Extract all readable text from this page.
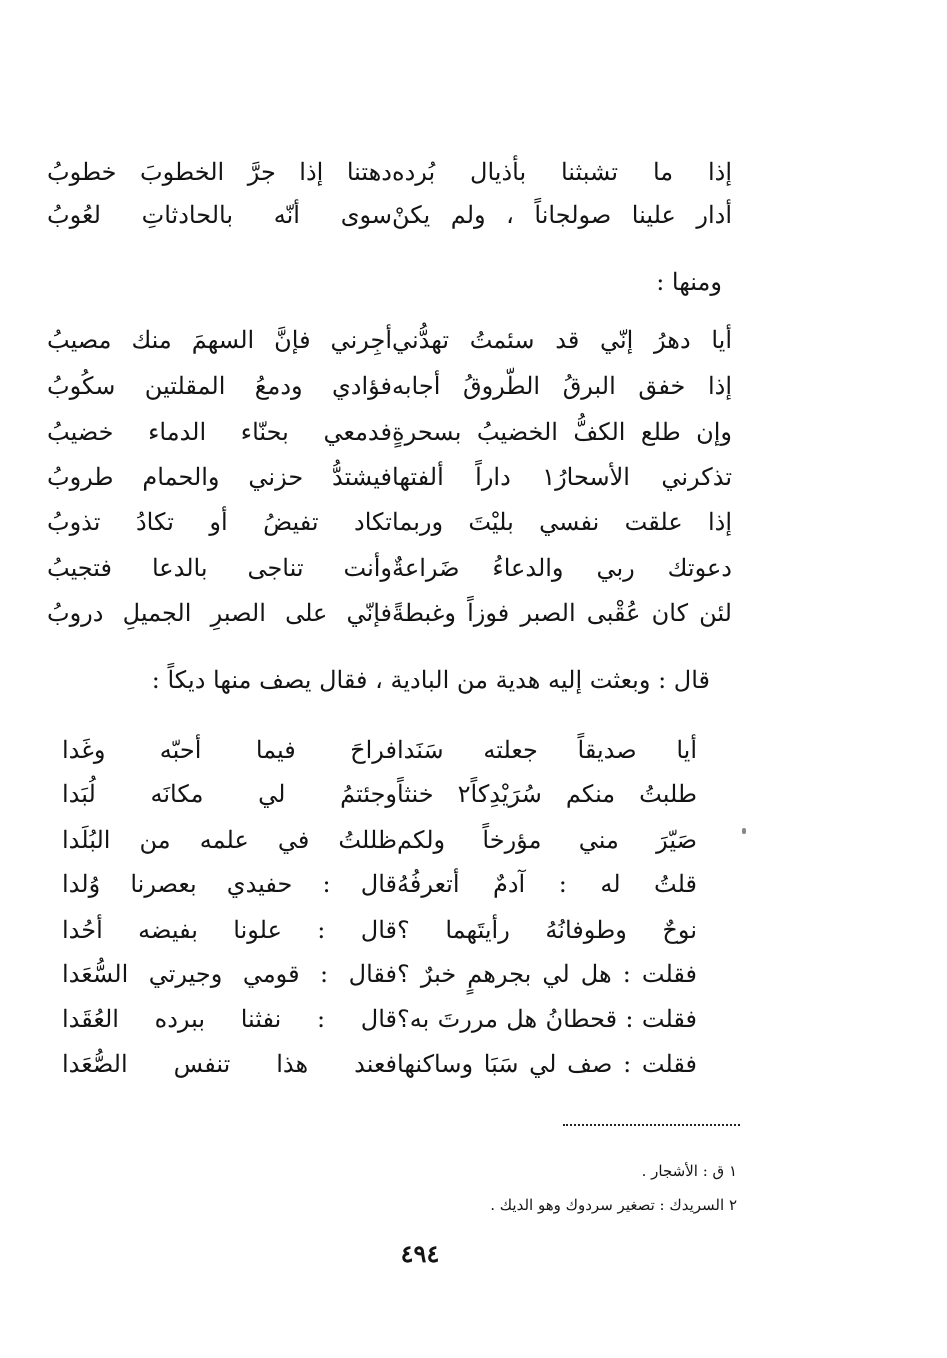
إذا ما تشبثنا بأذيال بُرده
دهتنا إذا جرَّ الخطوبَ خطوبُ
أدار علينا صولجاناً ، ولم يكنْ
سوى أنّه بالحادثاتِ لعُوبُ
ومنها :
أيا دهرُ إنّي قد سئمتُ تهدُّني
أجِرني فإنَّ السهمَ منك مصيبُ
إذا خفق البرقُ الطّروقُ أجابه
فؤادي ودمعُ المقلتين سكُوبُ
وإن طلع الكفُّ الخضيبُ بسحرةٍ
فدمعي بحنّاء الدماء خضيبُ
تذكرني الأسحارُ١ داراً ألفتها
فيشتدُّ حزني والحمام طروبُ
إذا علقت نفسي بليْتَ وربما
تكاد تفيضُ أو تكادُ تذوبُ
دعوتك ربي والدعاءُ ضَراعةٌ
وأنت تناجى بالدعا فتجيبُ
لئن كان عُقْبى الصبر فوزاً وغبطةً
فإنّي على الصبرِ الجميلِ دروبُ
قال : وبعثت إليه هدية من البادية ، فقال يصف منها ديكاً :
أيا صديقاً جعلته سَنَدا
فراحَ فيما أحبّه وغَدا
طلبتُ منكم سُرَيْدِكاً٢ خنثاً
وجئتمُ لي مكانَه لُبَدا
صَيّرَ مني مؤرخاً ولكم
ظللتُ في علمه من البُلَدا
قلتُ له : آدمٌ أتعرفُهُ
قال : حفيدي بعصرنا وُلدا
نوحٌ وطوفانُهُ رأيتَهما ؟
قال : علونا بفيضه أحُدا
فقلت : هل لي بجرهمٍ خبرٌ ؟
فقال : قومي وجيرتي السُّعَدا
فقلت : قحطانُ هل مررتَ به؟
قال : نفثنا ببرده العُقَدا
فقلت : صف لي سَبَا وساكنها
فعند هذا تنفس الصُّعَدا
١ ق : الأشجار .
٢ السريدك : تصغير سردوك وهو الديك .
٤٩٤
